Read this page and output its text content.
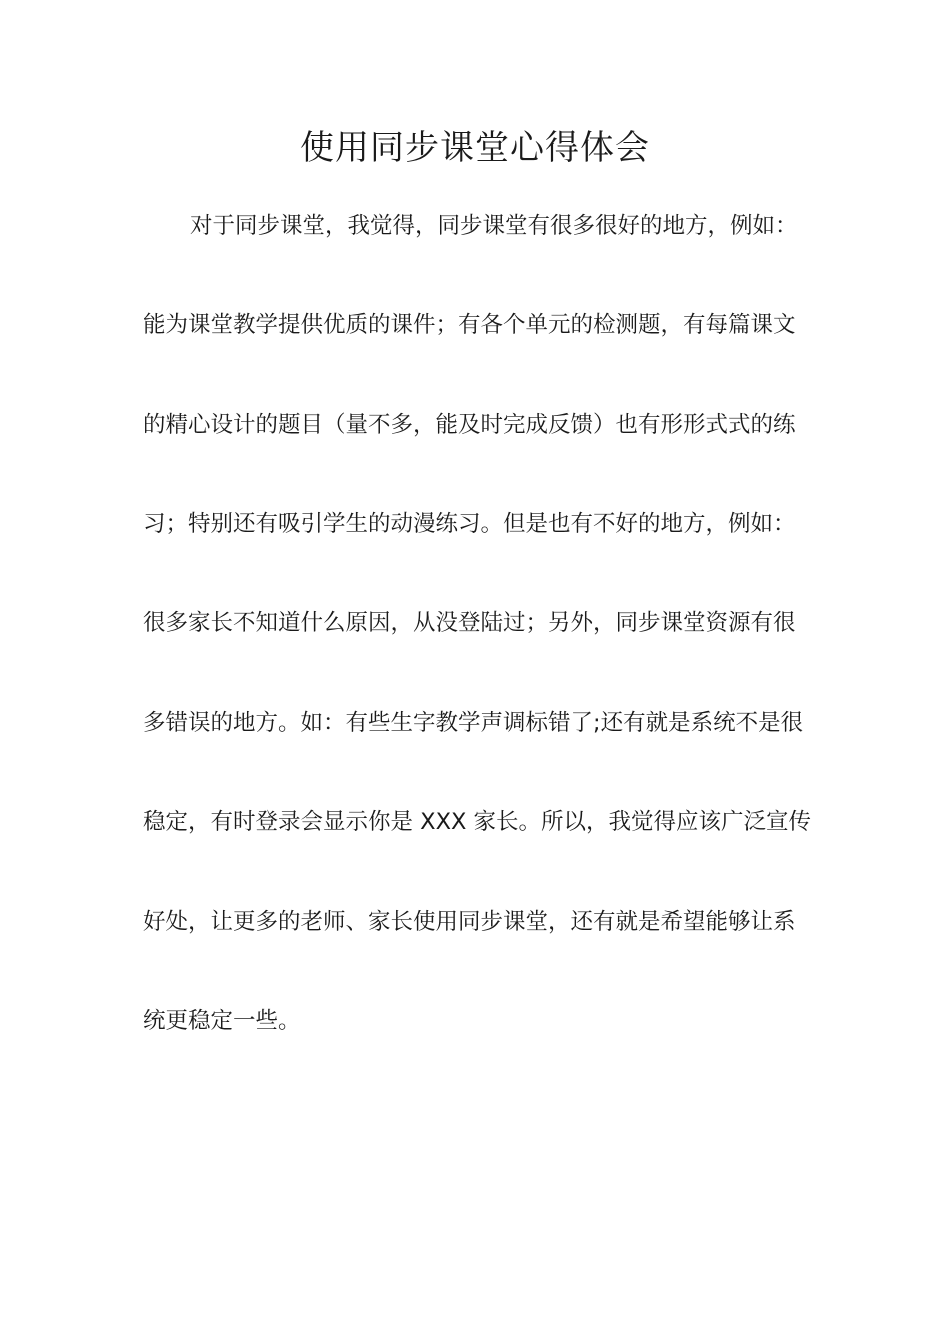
使用同步课堂心得体会
对于同步课堂，我觉得，同步课堂有很多很好的地方，例如：
能为课堂教学提供优质的课件；有各个单元的检测题，有每篇课文
的精心设计的题目（量不多，能及时完成反馈）也有形形式式的练
习；特别还有吸引学生的动漫练习。但是也有不好的地方，例如：
很多家长不知道什么原因，从没登陆过；另外，同步课堂资源有很
多错误的地方。如：有些生字教学声调标错了;还有就是系统不是很
稳定，有时登录会显示你是 XXX 家长。所以，我觉得应该广泛宣传
好处，让更多的老师、家长使用同步课堂，还有就是希望能够让系
统更稳定一些。
